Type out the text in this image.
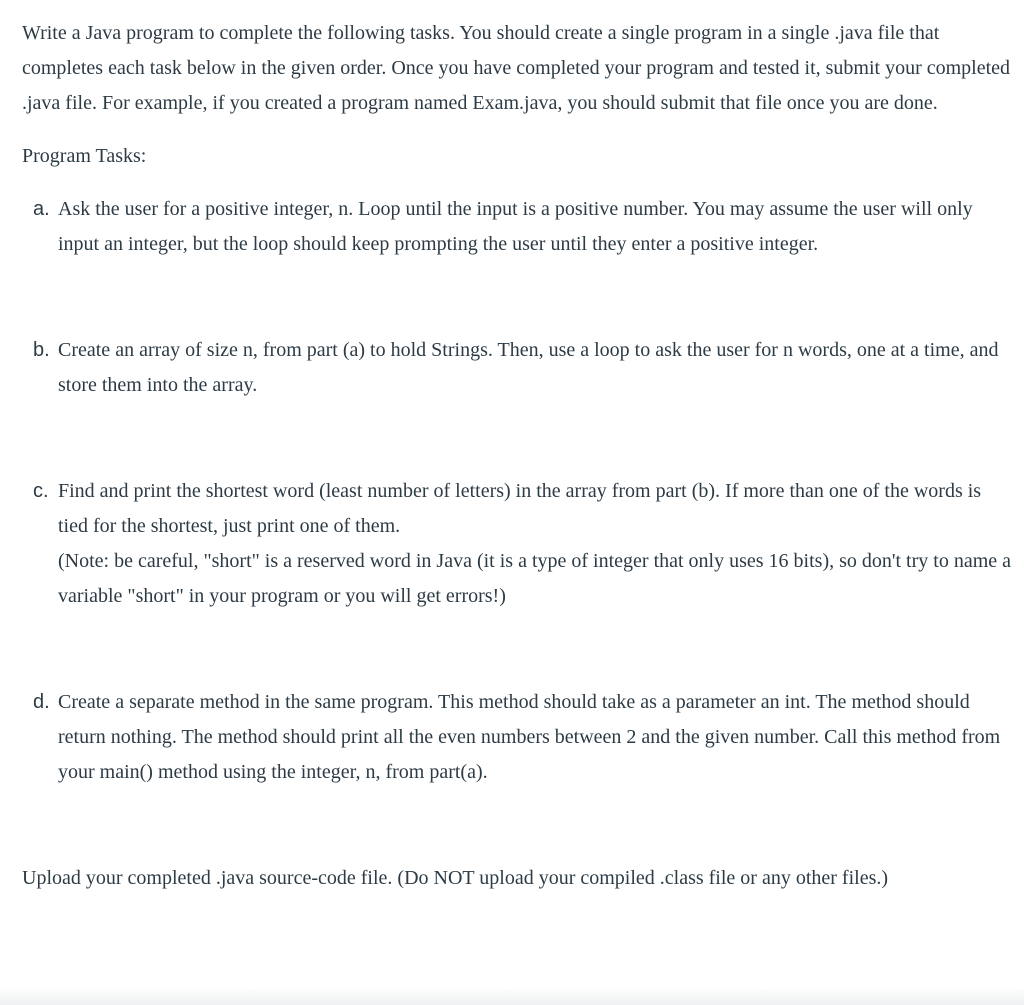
Write a Java program to complete the following tasks. You should create a single program in a single .java file that completes each task below in the given order. Once you have completed your program and tested it, submit your completed .java file. For example, if you created a program named Exam.java, you should submit that file once you are done.

Program Tasks:

a. Ask the user for a positive integer, n. Loop until the input is a positive number. You may assume the user will only input an integer, but the loop should keep prompting the user until they enter a positive integer.
b. Create an array of size n, from part (a) to hold Strings. Then, use a loop to ask the user for n words, one at a time, and store them into the array.
c. Find and print the shortest word (least number of letters) in the array from part (b). If more than one of the words is tied for the shortest, just print one of them.
(Note: be careful, "short" is a reserved word in Java (it is a type of integer that only uses 16 bits), so don't try to name a variable "short" in your program or you will get errors!)
d. Create a separate method in the same program. This method should take as a parameter an int. The method should return nothing. The method should print all the even numbers between 2 and the given number. Call this method from your main() method using the integer, n, from part(a).

Upload your completed .java source-code file. (Do NOT upload your compiled .class file or any other files.)
